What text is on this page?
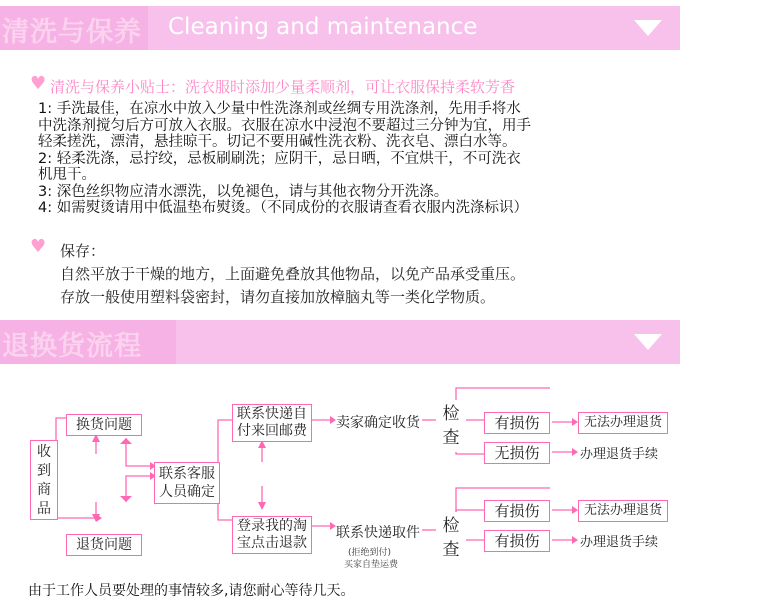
清洗与保养 Cleaning and maintenance
♥ 清洗与保养小贴士：洗衣服时添加少量柔顺剂，可让衣服保持柔软芳香
1: 手洗最佳，在凉水中放入少量中性洗涤剂或丝绸专用洗涤剂，先用手将水
中洗涤剂搅匀后方可放入衣服。衣服在凉水中浸泡不要超过三分钟为宜，用手
轻柔搓洗，漂清，悬挂晾干。切记不要用碱性洗衣粉、洗衣皂、漂白水等。
2: 轻柔洗涤，忌拧绞，忌板刷刷洗；应阴干，忌日晒，不宜烘干，不可洗衣
机甩干。
3: 深色丝织物应清水漂洗，以免褪色，请与其他衣物分开洗涤。
4: 如需熨烫请用中低温垫布熨烫。（不同成份的衣服请查看衣服内洗涤标识）
♥ 保存：
自然平放于干燥的地方，上面避免叠放其他物品，以免产品承受重压。
存放一般使用塑料袋密封，请勿直接加放樟脑丸等一类化学物质。
退换货流程
收
到
商
品
换货问题
退货问题
联系客服
人员确定
联系快递自
付来回邮费
登录我的淘
宝点击退款
卖家确定收货
联系快递取件
(拒绝到付)
买家自垫运费
检
查
检
查
有损伤
无损伤
有损伤
有损伤
无法办理退货
办理退货手续
无法办理退货
办理退货手续
由于工作人员要处理的事情较多,请您耐心等待几天。
